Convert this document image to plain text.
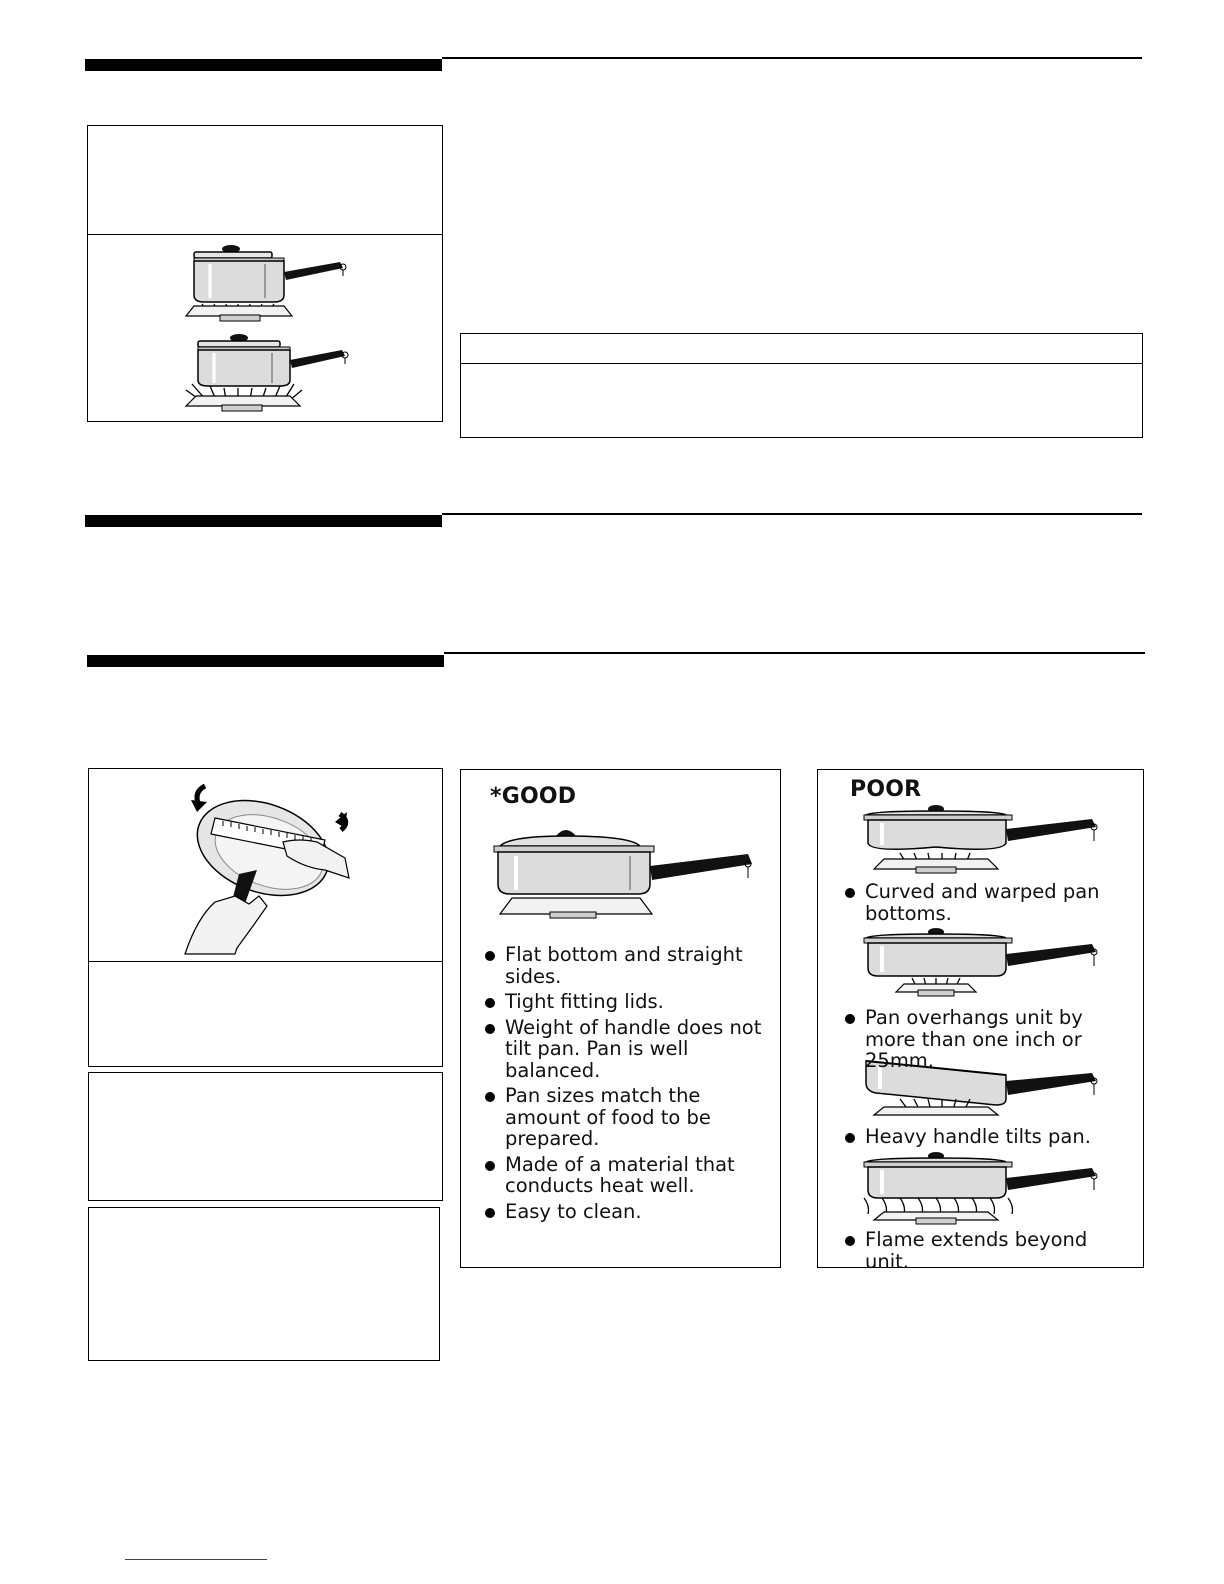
*GOOD
Flat bottom and straight sides.
Tight fitting lids.
Weight of handle does not tilt pan. Pan is well balanced.
Pan sizes match the amount of food to be prepared.
Made of a material that conducts heat well.
Easy to clean.
POOR
Curved and warped pan bottoms.
Pan overhangs unit by more than one inch or 25mm.
Heavy handle tilts pan.
Flame extends beyond unit.
